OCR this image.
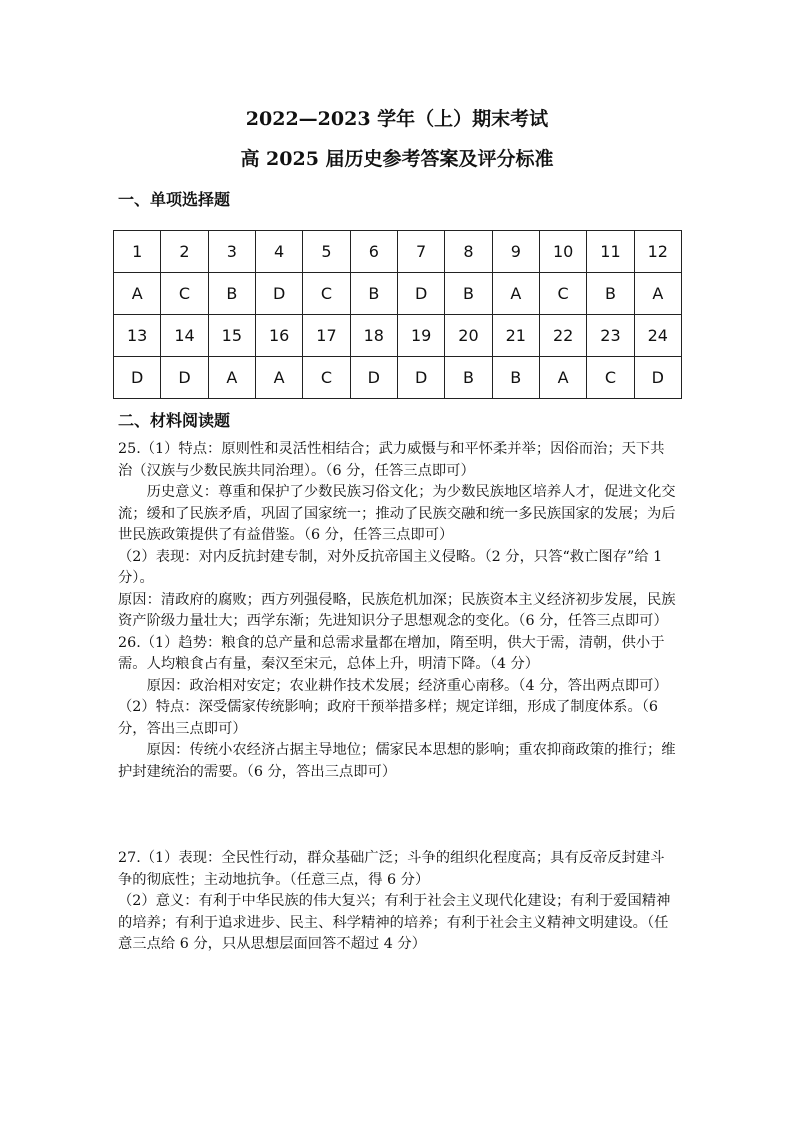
2022—2023 学年（上）期末考试
高 2025 届历史参考答案及评分标准
一、单项选择题
1	2	3	4	5	6	7	8	9	10	11	12
A	C	B	D	C	B	D	B	A	C	B	A
13	14	15	16	17	18	19	20	21	22	23	24
D	D	A	A	C	D	D	B	B	A	C	D
二、材料阅读题

25.（1）特点：原则性和灵活性相结合；武力威慑与和平怀柔并举；因俗而治；天下共治（汉族与少数民族共同治理）。（6 分，任答三点即可）

历史意义：尊重和保护了少数民族习俗文化；为少数民族地区培养人才，促进文化交流；缓和了民族矛盾，巩固了国家统一；推动了民族交融和统一多民族国家的发展；为后世民族政策提供了有益借鉴。（6 分，任答三点即可）

（2）表现：对内反抗封建专制，对外反抗帝国主义侵略。（2 分，只答“救亡图存”给 1 分）。

原因：清政府的腐败；西方列强侵略，民族危机加深；民族资本主义经济初步发展，民族资产阶级力量壮大；西学东渐；先进知识分子思想观念的变化。（6 分，任答三点即可）26.（1）趋势：粮食的总产量和总需求量都在增加，隋至明，供大于需，清朝，供小于需。人均粮食占有量，秦汉至宋元，总体上升，明清下降。（4 分）

原因：政治相对安定；农业耕作技术发展；经济重心南移。（4 分，答出两点即可）

（2）特点：深受儒家传统影响；政府干预举措多样；规定详细，形成了制度体系。（6 分，答出三点即可）

原因：传统小农经济占据主导地位；儒家民本思想的影响；重农抑商政策的推行；维护封建统治的需要。（6 分，答出三点即可）

27.（1）表现：全民性行动，群众基础广泛；斗争的组织化程度高；具有反帝反封建斗争的彻底性；主动地抗争。（任意三点，得 6 分）

（2）意义：有利于中华民族的伟大复兴；有利于社会主义现代化建设；有利于爱国精神的培养；有利于追求进步、民主、科学精神的培养；有利于社会主义精神文明建设。（任意三点给 6 分，只从思想层面回答不超过 4 分）
